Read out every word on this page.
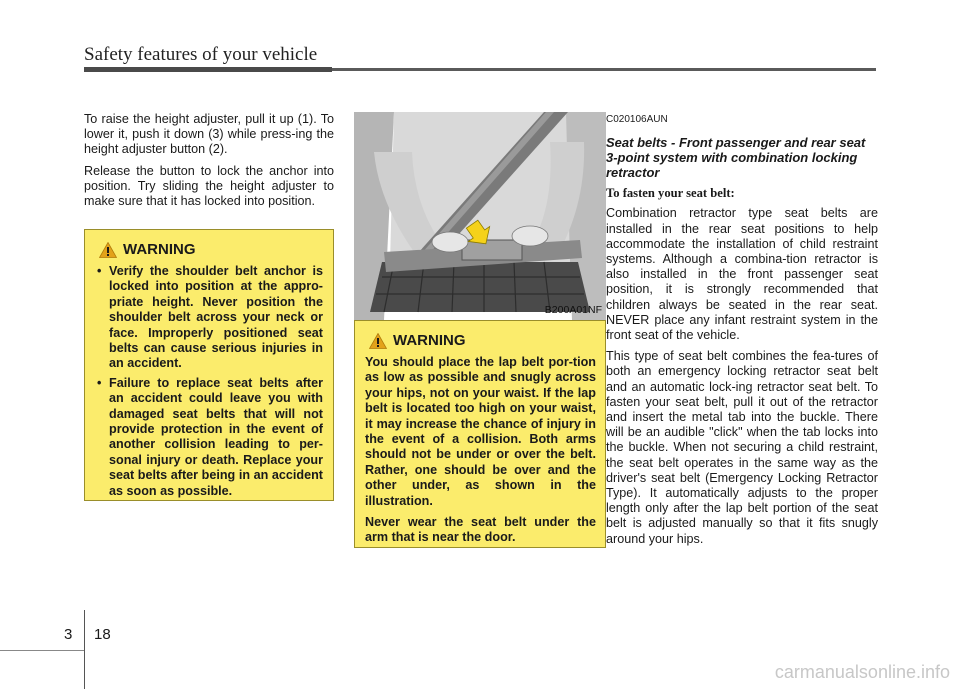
Safety features of your vehicle

To raise the height adjuster, pull it up (1). To lower it, push it down (3) while press-ing the height adjuster button (2).

Release the button to lock the anchor into position. Try sliding the height adjuster to make sure that it has locked into position.

WARNING
• Verify the shoulder belt anchor is locked into position at the appro-priate height. Never position the shoulder belt across your neck or face. Improperly positioned seat belts can cause serious injuries in an accident.
• Failure to replace seat belts after an accident could leave you with damaged seat belts that will not provide protection in the event of another collision leading to per-sonal injury or death. Replace your seat belts after being in an accident as soon as possible.
B200A01NF
WARNING

You should place the lap belt por-tion as low as possible and snugly across your hips, not on your waist. If the lap belt is located too high on your waist, it may increase the chance of injury in the event of a collision. Both arms should not be under or over the belt. Rather, one should be over and the other under, as shown in the illustration.

Never wear the seat belt under the arm that is near the door.

C020106AUN
Seat belts - Front passenger and rear seat 3-point system with combination locking retractor
To fasten your seat belt:

Combination retractor type seat belts are installed in the rear seat positions to help accommodate the installation of child restraint systems. Although a combina-tion retractor is also installed in the front passenger seat position, it is strongly recommended that children always be seated in the rear seat. NEVER place any infant restraint system in the front seat of the vehicle.

This type of seat belt combines the fea-tures of both an emergency locking retractor seat belt and an automatic lock-ing retractor seat belt. To fasten your seat belt, pull it out of the retractor and insert the metal tab into the buckle. There will be an audible "click" when the tab locks into the buckle. When not securing a child restraint, the seat belt operates in the same way as the driver's seat belt (Emergency Locking Retractor Type). It automatically adjusts to the proper length only after the lap belt portion of the seat belt is adjusted manually so that it fits snugly around your hips.

3 18
carmanualsonline.info
